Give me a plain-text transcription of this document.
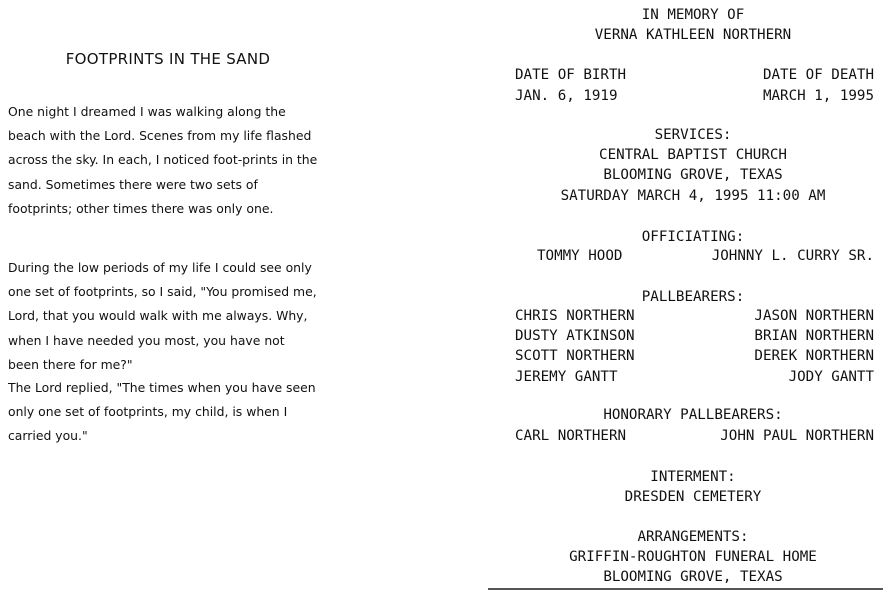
FOOTPRINTS IN THE SAND

One night I dreamed I was walking along the beach with the Lord. Scenes from my life flashed across the sky. In each, I noticed foot-prints in the sand. Sometimes there were two sets of footprints; other times there was only one.

During the low periods of my life I could see only one set of footprints, so I said, "You promised me, Lord, that you would walk with me always. Why, when I have needed you most, you have not been there for me?"

The Lord replied, "The times when you have seen only one set of footprints, my child, is when I carried you."

IN MEMORY OF
VERNA KATHLEEN NORTHERN
DATE OF BIRTH
JAN. 6, 1919
DATE OF DEATH
MARCH 1, 1995
SERVICES:
CENTRAL BAPTIST CHURCH
BLOOMING GROVE, TEXAS
SATURDAY MARCH 4, 1995 11:00 AM
OFFICIATING:
TOMMY HOOD	JOHNNY L. CURRY SR.
PALLBEARERS:
CHRIS NORTHERN
DUSTY ATKINSON
SCOTT NORTHERN
JEREMY GANTT
JASON NORTHERN
BRIAN NORTHERN
DEREK NORTHERN
JODY GANTT
HONORARY PALLBEARERS:
CARL NORTHERN	JOHN PAUL NORTHERN
INTERMENT:
DRESDEN CEMETERY
ARRANGEMENTS:
GRIFFIN-ROUGHTON FUNERAL HOME
BLOOMING GROVE, TEXAS
